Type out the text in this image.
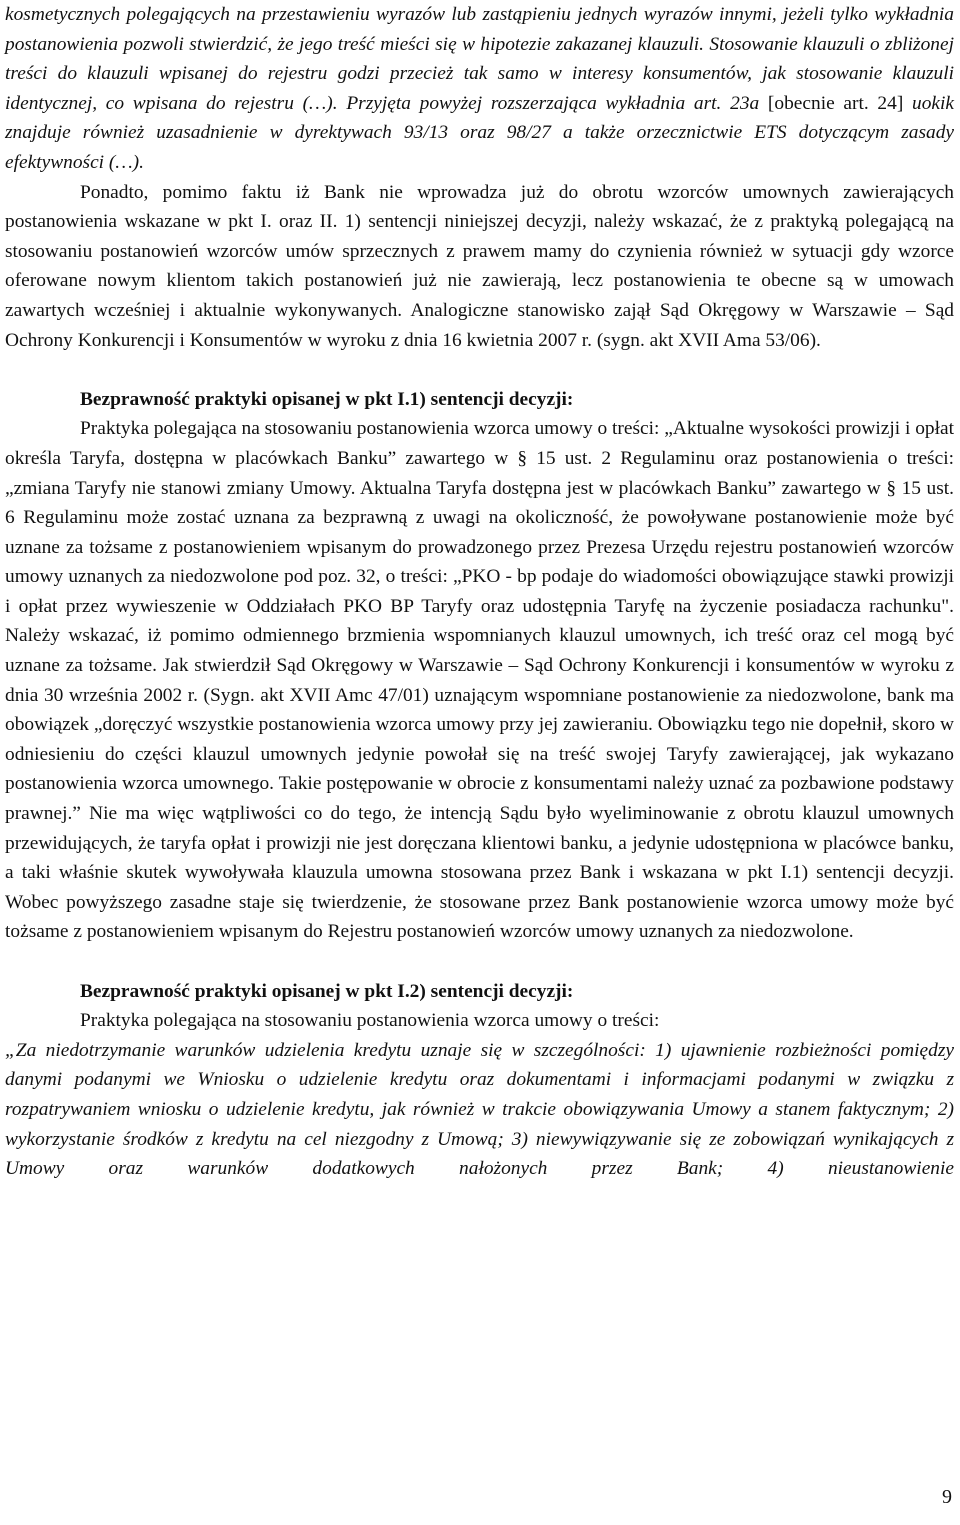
kosmetycznych polegających na przestawieniu wyrazów lub zastąpieniu jednych wyrazów innymi, jeżeli tylko wykładnia postanowienia pozwoli stwierdzić, że jego treść mieści się w hipotezie zakazanej klauzuli. Stosowanie klauzuli o zbliżonej treści do klauzuli wpisanej do rejestru godzi przecież tak samo w interesy konsumentów, jak stosowanie klauzuli identycznej, co wpisana do rejestru (…). Przyjęta powyżej rozszerzająca wykładnia art. 23a [obecnie art. 24] uokik znajduje również uzasadnienie w dyrektywach 93/13 oraz 98/27 a także orzecznictwie ETS dotyczącym zasady efektywności (…).

Ponadto, pomimo faktu iż Bank nie wprowadza już do obrotu wzorców umownych zawierających postanowienia wskazane w pkt I. oraz II. 1) sentencji niniejszej decyzji, należy wskazać, że z praktyką polegającą na stosowaniu postanowień wzorców umów sprzecznych z prawem mamy do czynienia również w sytuacji gdy wzorce oferowane nowym klientom takich postanowień już nie zawierają, lecz postanowienia te obecne są w umowach zawartych wcześniej i aktualnie wykonywanych. Analogiczne stanowisko zajął Sąd Okręgowy w Warszawie – Sąd Ochrony Konkurencji i Konsumentów w wyroku z dnia 16 kwietnia 2007 r. (sygn. akt XVII Ama 53/06).

Bezprawność praktyki opisanej w pkt I.1) sentencji decyzji:

Praktyka polegająca na stosowaniu postanowienia wzorca umowy o treści: „Aktualne wysokości prowizji i opłat określa Taryfa, dostępna w placówkach Banku” zawartego w § 15 ust. 2 Regulaminu oraz postanowienia o treści: „zmiana Taryfy nie stanowi zmiany Umowy. Aktualna Taryfa dostępna jest w placówkach Banku” zawartego w § 15 ust. 6 Regulaminu może zostać uznana za bezprawną z uwagi na okoliczność, że powoływane postanowienie może być uznane za tożsame z postanowieniem wpisanym do prowadzonego przez Prezesa Urzędu rejestru postanowień wzorców umowy uznanych za niedozwolone pod poz. 32, o treści: „PKO - bp podaje do wiadomości obowiązujące stawki prowizji i opłat przez wywieszenie w Oddziałach PKO BP Taryfy oraz udostępnia Taryfę na życzenie posiadacza rachunku". Należy wskazać, iż pomimo odmiennego brzmienia wspomnianych klauzul umownych, ich treść oraz cel mogą być uznane za tożsame. Jak stwierdził Sąd Okręgowy w Warszawie – Sąd Ochrony Konkurencji i konsumentów w wyroku z dnia 30 września 2002 r. (Sygn. akt XVII Amc 47/01) uznającym wspomniane postanowienie za niedozwolone, bank ma obowiązek „doręczyć wszystkie postanowienia wzorca umowy przy jej zawieraniu. Obowiązku tego nie dopełnił, skoro w odniesieniu do części klauzul umownych jedynie powołał się na treść swojej Taryfy zawierającej, jak wykazano postanowienia wzorca umownego. Takie postępowanie w obrocie z konsumentami należy uznać za pozbawione podstawy prawnej.” Nie ma więc wątpliwości co do tego, że intencją Sądu było wyeliminowanie z obrotu klauzul umownych przewidujących, że taryfa opłat i prowizji nie jest doręczana klientowi banku, a jedynie udostępniona w placówce banku, a taki właśnie skutek wywoływała klauzula umowna stosowana przez Bank i wskazana w pkt I.1) sentencji decyzji. Wobec powyższego zasadne staje się twierdzenie, że stosowane przez Bank postanowienie wzorca umowy może być tożsame z postanowieniem wpisanym do Rejestru postanowień wzorców umowy uznanych za niedozwolone.

Bezprawność praktyki opisanej w pkt I.2) sentencji decyzji:

Praktyka polegająca na stosowaniu postanowienia wzorca umowy o treści:

„Za niedotrzymanie warunków udzielenia kredytu uznaje się w szczególności: 1) ujawnienie rozbieżności pomiędzy danymi podanymi we Wniosku o udzielenie kredytu oraz dokumentami i informacjami podanymi w związku z rozpatrywaniem wniosku o udzielenie kredytu, jak również w trakcie obowiązywania Umowy a stanem faktycznym; 2) wykorzystanie środków z kredytu na cel niezgodny z Umową; 3) niewywiązywanie się ze zobowiązań wynikających z Umowy oraz warunków dodatkowych nałożonych przez Bank; 4) nieustanowienie

9
